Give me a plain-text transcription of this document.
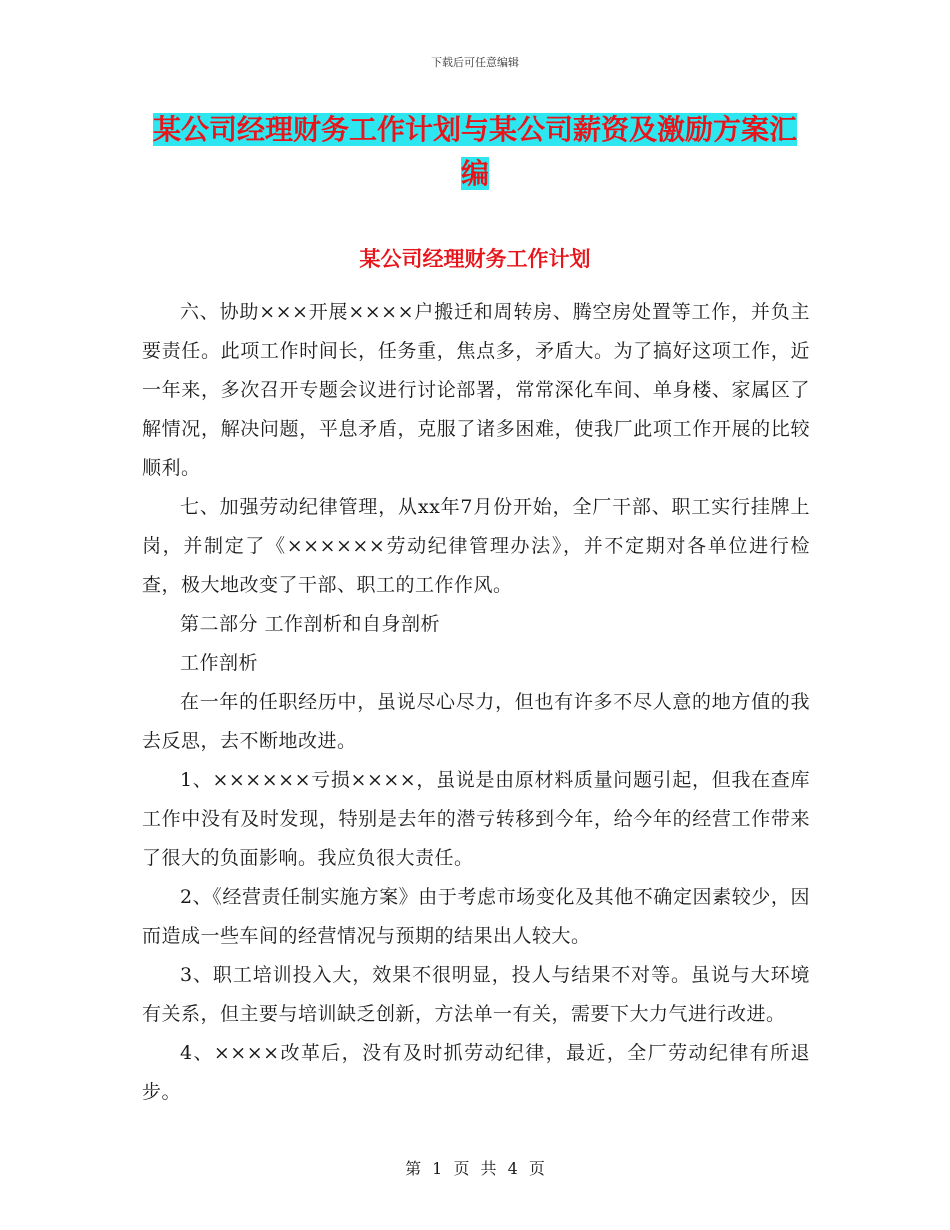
下载后可任意编辑
某公司经理财务工作计划与某公司薪资及激励方案汇编
某公司经理财务工作计划

六、协助×××开展××××户搬迁和周转房、腾空房处置等工作，并负主要责任。此项工作时间长，任务重，焦点多，矛盾大。为了搞好这项工作，近一年来，多次召开专题会议进行讨论部署，常常深化车间、单身楼、家属区了解情况，解决问题，平息矛盾，克服了诸多困难，使我厂此项工作开展的比较顺利。

七、加强劳动纪律管理，从xx年7月份开始，全厂干部、职工实行挂牌上岗，并制定了《××××××劳动纪律管理办法》，并不定期对各单位进行检查，极大地改变了干部、职工的工作作风。

第二部分 工作剖析和自身剖析

工作剖析

在一年的任职经历中，虽说尽心尽力，但也有许多不尽人意的地方值的我去反思，去不断地改进。

1、××××××亏损××××，虽说是由原材料质量问题引起，但我在查库工作中没有及时发现，特别是去年的潜亏转移到今年，给今年的经营工作带来了很大的负面影响。我应负很大责任。

2、《经营责任制实施方案》由于考虑市场变化及其他不确定因素较少，因而造成一些车间的经营情况与预期的结果出人较大。

3、职工培训投入大，效果不很明显，投人与结果不对等。虽说与大环境有关系，但主要与培训缺乏创新，方法单一有关，需要下大力气进行改进。

4、××××改革后，没有及时抓劳动纪律，最近，全厂劳动纪律有所退步。

第 1 页 共 4 页
